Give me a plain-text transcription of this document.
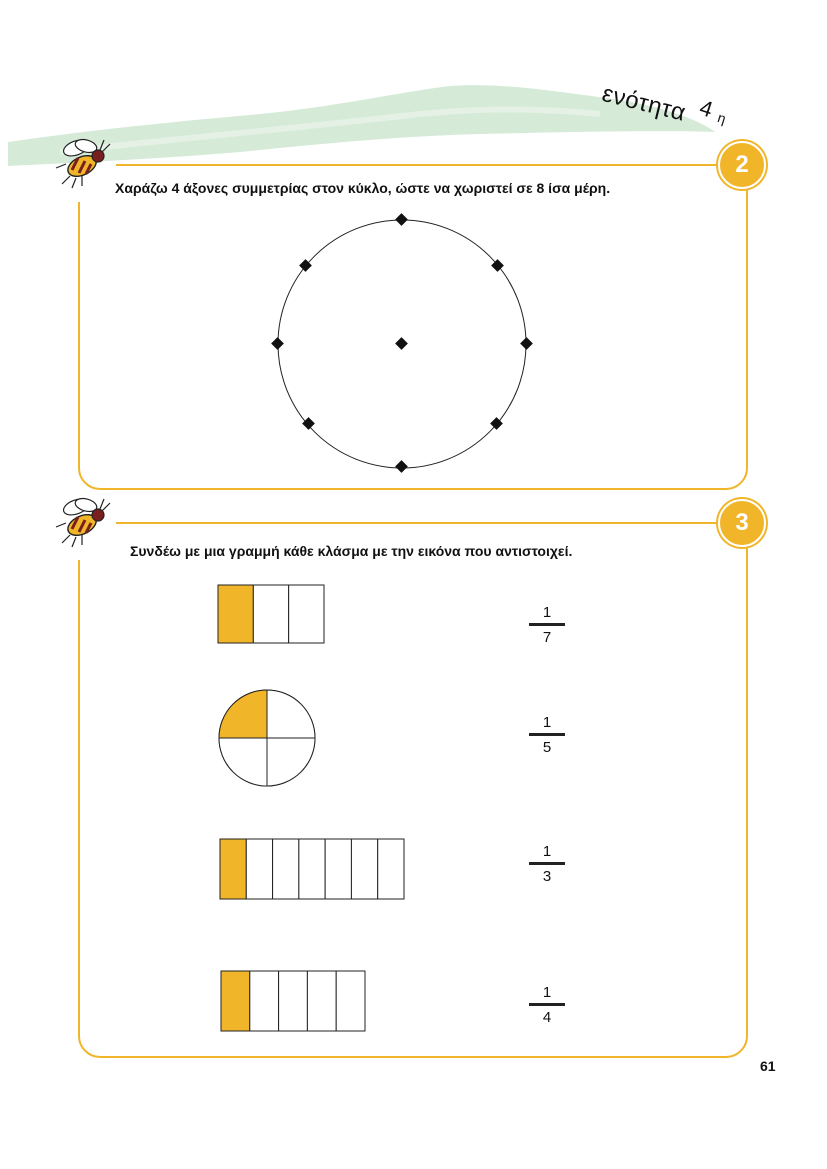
ενότητα 4 η
2
Χαράζω 4 άξονες συμμετρίας στον κύκλο, ώστε να χωριστεί σε 8 ίσα μέρη.
3
Συνδέω με μια γραμμή κάθε κλάσμα με την εικόνα που αντιστοιχεί.
1
7
1
5
1
3
1
4
61
